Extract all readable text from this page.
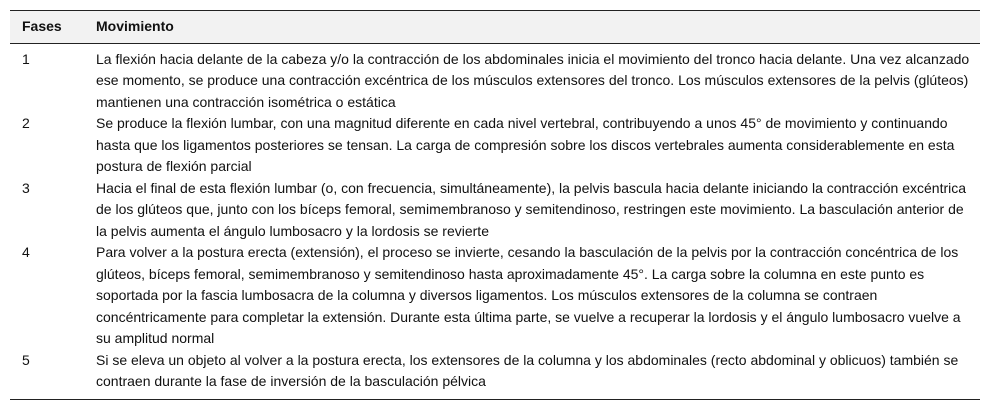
Fases	Movimiento
1	La flexión hacia delante de la cabeza y/o la contracción de los abdominales inicia el movimiento del tronco hacia delante. Una vez alcanzado ese momento, se produce una contracción excéntrica de los músculos extensores del tronco. Los músculos extensores de la pelvis (glúteos) mantienen una contracción isométrica o estática
2	Se produce la flexión lumbar, con una magnitud diferente en cada nivel vertebral, contribuyendo a unos 45° de movimiento y continuando hasta que los ligamentos posteriores se tensan. La carga de compresión sobre los discos vertebrales aumenta considerablemente en esta postura de flexión parcial
3	Hacia el final de esta flexión lumbar (o, con frecuencia, simultáneamente), la pelvis bascula hacia delante iniciando la contracción excéntrica de los glúteos que, junto con los bíceps femoral, semimembranoso y semitendinoso, restringen este movimiento. La basculación anterior de la pelvis aumenta el ángulo lumbosacro y la lordosis se revierte
4	Para volver a la postura erecta (extensión), el proceso se invierte, cesando la basculación de la pelvis por la contracción concéntrica de los glúteos, bíceps femoral, semimembranoso y semitendinoso hasta aproximadamente 45°. La carga sobre la columna en este punto es soportada por la fascia lumbosacra de la columna y diversos ligamentos. Los músculos extensores de la columna se contraen concéntricamente para completar la extensión. Durante esta última parte, se vuelve a recuperar la lordosis y el ángulo lumbosacro vuelve a su amplitud normal
5	Si se eleva un objeto al volver a la postura erecta, los extensores de la columna y los abdominales (recto abdominal y oblicuos) también se contraen durante la fase de inversión de la basculación pélvica
